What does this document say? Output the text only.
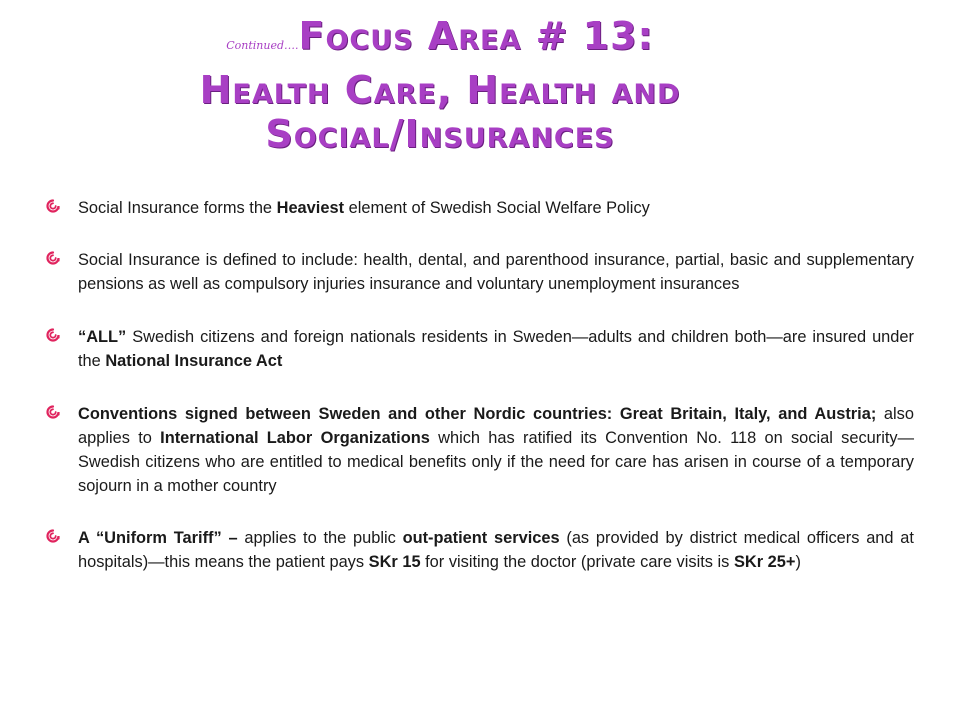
Continued….Focus Area # 13:
Health Care, Health and
Social/Insurances
Social Insurance forms the Heaviest element of Swedish Social Welfare Policy
Social Insurance is defined to include: health, dental, and parenthood insurance, partial, basic and supplementary pensions as well as compulsory injuries insurance and voluntary unemployment insurances
“ALL” Swedish citizens and foreign nationals residents in Sweden—adults and children both—are insured under the National Insurance Act
Conventions signed between Sweden and other Nordic countries: Great Britain, Italy, and Austria; also applies to International Labor Organizations which has ratified its Convention No. 118 on social security—Swedish citizens who are entitled to medical benefits only if the need for care has arisen in course of a temporary sojourn in a mother country
A “Uniform Tariff” – applies to the public out-patient services (as provided by district medical officers and at hospitals)—this means the patient pays SKr 15 for visiting the doctor (private care visits is SKr 25+)
